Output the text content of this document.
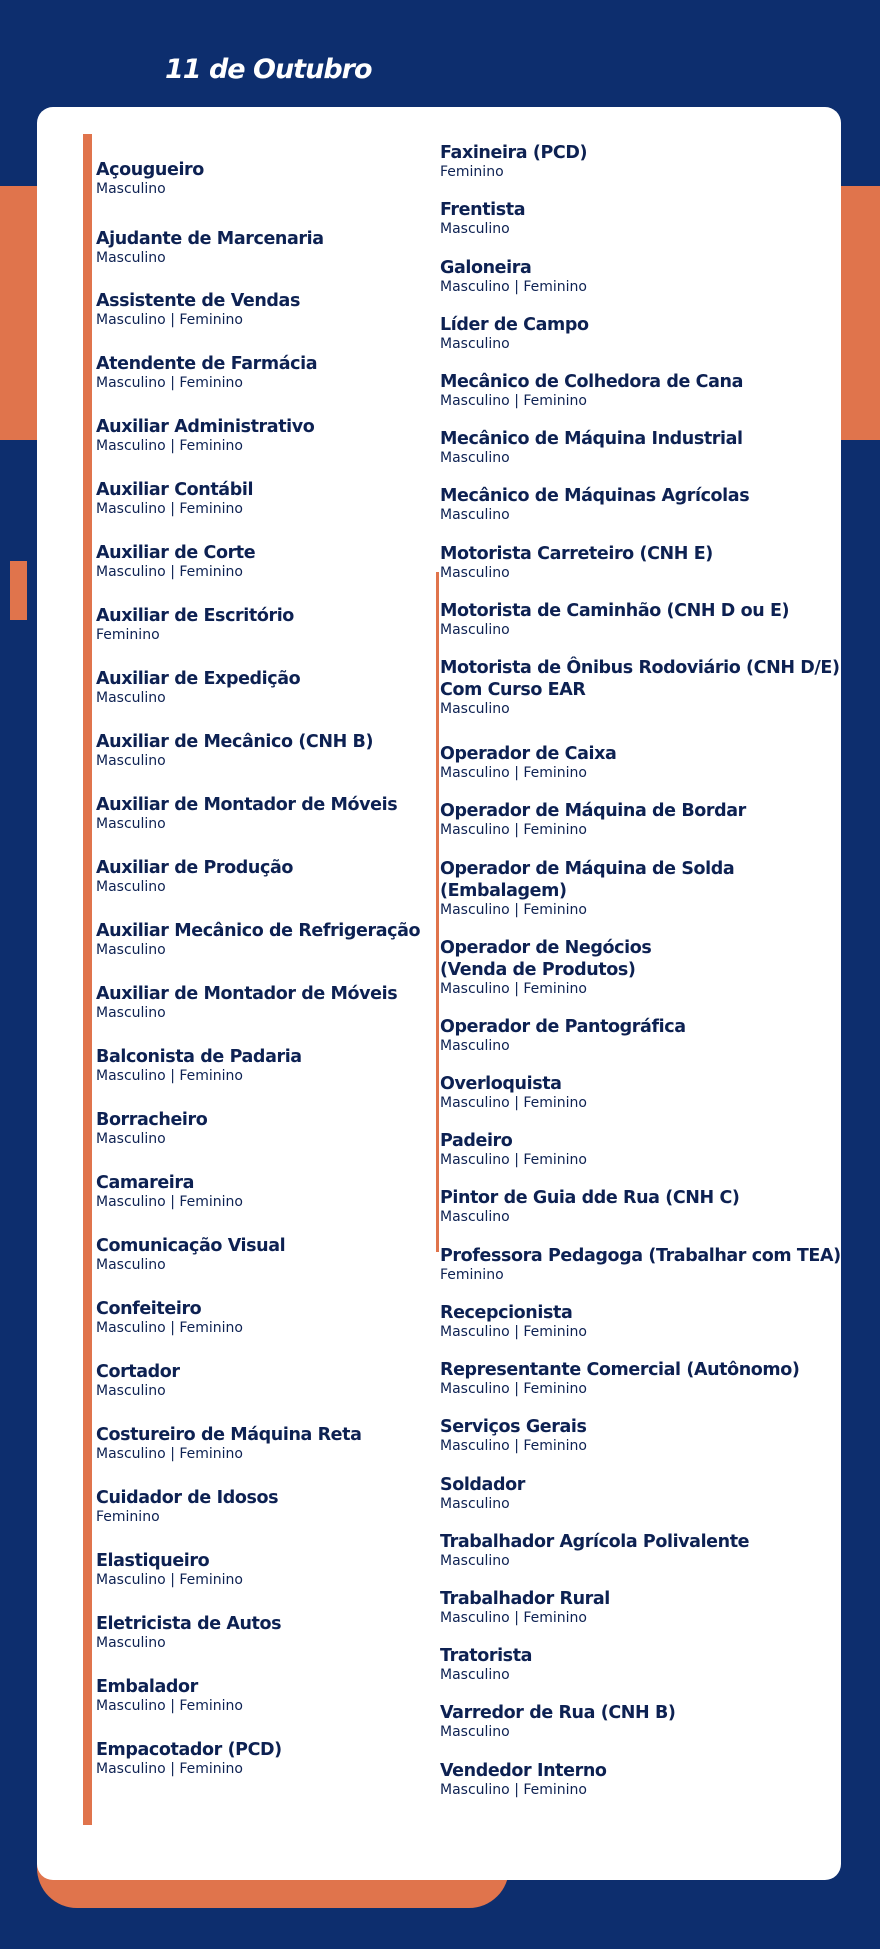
11 de Outubro
Açougueiro
Masculino
Ajudante de Marcenaria
Masculino
Assistente de Vendas
Masculino | Feminino
Atendente de Farmácia
Masculino | Feminino
Auxiliar Administrativo
Masculino | Feminino
Auxiliar Contábil
Masculino | Feminino
Auxiliar de Corte
Masculino | Feminino
Auxiliar de Escritório
Feminino
Auxiliar de Expedição
Masculino
Auxiliar de Mecânico (CNH B)
Masculino
Auxiliar de Montador de Móveis
Masculino
Auxiliar de Produção
Masculino
Auxiliar Mecânico de Refrigeração
Masculino
Auxiliar de Montador de Móveis
Masculino
Balconista de Padaria
Masculino | Feminino
Borracheiro
Masculino
Camareira
Masculino | Feminino
Comunicação Visual
Masculino
Confeiteiro
Masculino | Feminino
Cortador
Masculino
Costureiro de Máquina Reta
Masculino | Feminino
Cuidador de Idosos
Feminino
Elastiqueiro
Masculino | Feminino
Eletricista de Autos
Masculino
Embalador
Masculino | Feminino
Empacotador (PCD)
Masculino | Feminino
Faxineira (PCD)
Feminino
Frentista
Masculino
Galoneira
Masculino | Feminino
Líder de Campo
Masculino
Mecânico de Colhedora de Cana
Masculino | Feminino
Mecânico de Máquina Industrial
Masculino
Mecânico de Máquinas Agrícolas
Masculino
Motorista Carreteiro (CNH E)
Masculino
Motorista de Caminhão (CNH D ou E)
Masculino
Motorista de Ônibus Rodoviário (CNH D/E)
Com Curso EAR
Masculino
Operador de Caixa
Masculino | Feminino
Operador de Máquina de Bordar
Masculino | Feminino
Operador de Máquina de Solda
(Embalagem)
Masculino | Feminino
Operador de Negócios
(Venda de Produtos)
Masculino | Feminino
Operador de Pantográfica
Masculino
Overloquista
Masculino | Feminino
Padeiro
Masculino | Feminino
Pintor de Guia dde Rua (CNH C)
Masculino
Professora Pedagoga (Trabalhar com TEA)
Feminino
Recepcionista
Masculino | Feminino
Representante Comercial (Autônomo)
Masculino | Feminino
Serviços Gerais
Masculino | Feminino
Soldador
Masculino
Trabalhador Agrícola Polivalente
Masculino
Trabalhador Rural
Masculino | Feminino
Tratorista
Masculino
Varredor de Rua (CNH B)
Masculino
Vendedor Interno
Masculino | Feminino
